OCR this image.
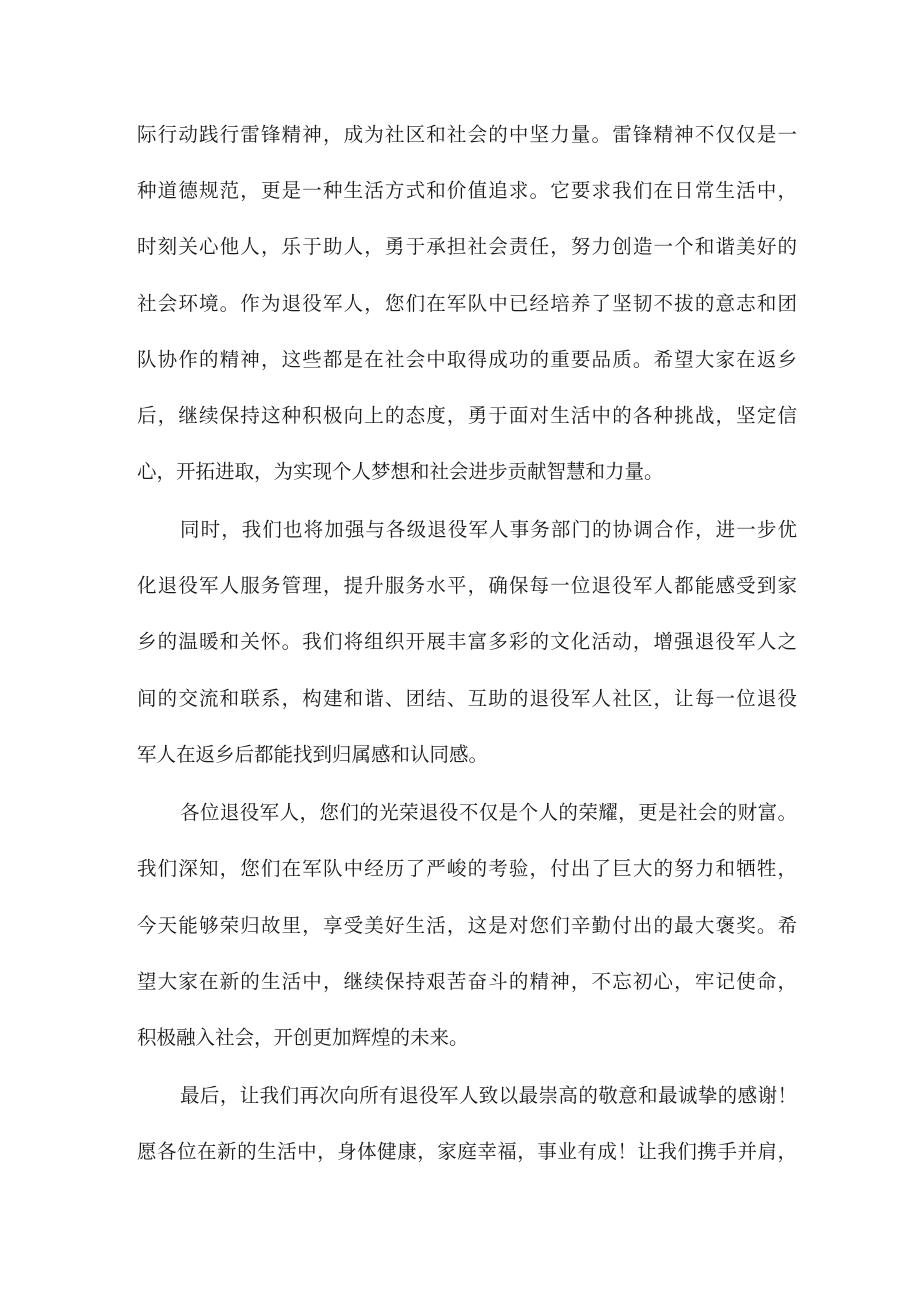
际行动践行雷锋精神，成为社区和社会的中坚力量。雷锋精神不仅仅是一
种道德规范，更是一种生活方式和价值追求。它要求我们在日常生活中，
时刻关心他人，乐于助人，勇于承担社会责任，努力创造一个和谐美好的
社会环境。作为退役军人，您们在军队中已经培养了坚韧不拔的意志和团
队协作的精神，这些都是在社会中取得成功的重要品质。希望大家在返乡
后，继续保持这种积极向上的态度，勇于面对生活中的各种挑战，坚定信
心，开拓进取，为实现个人梦想和社会进步贡献智慧和力量。
同时，我们也将加强与各级退役军人事务部门的协调合作，进一步优
化退役军人服务管理，提升服务水平，确保每一位退役军人都能感受到家
乡的温暖和关怀。我们将组织开展丰富多彩的文化活动，增强退役军人之
间的交流和联系，构建和谐、团结、互助的退役军人社区，让每一位退役
军人在返乡后都能找到归属感和认同感。
各位退役军人，您们的光荣退役不仅是个人的荣耀，更是社会的财富。
我们深知，您们在军队中经历了严峻的考验，付出了巨大的努力和牺牲，
今天能够荣归故里，享受美好生活，这是对您们辛勤付出的最大褒奖。希
望大家在新的生活中，继续保持艰苦奋斗的精神，不忘初心，牢记使命，
积极融入社会，开创更加辉煌的未来。
最后，让我们再次向所有退役军人致以最崇高的敬意和最诚挚的感谢！
愿各位在新的生活中，身体健康，家庭幸福，事业有成！让我们携手并肩，
